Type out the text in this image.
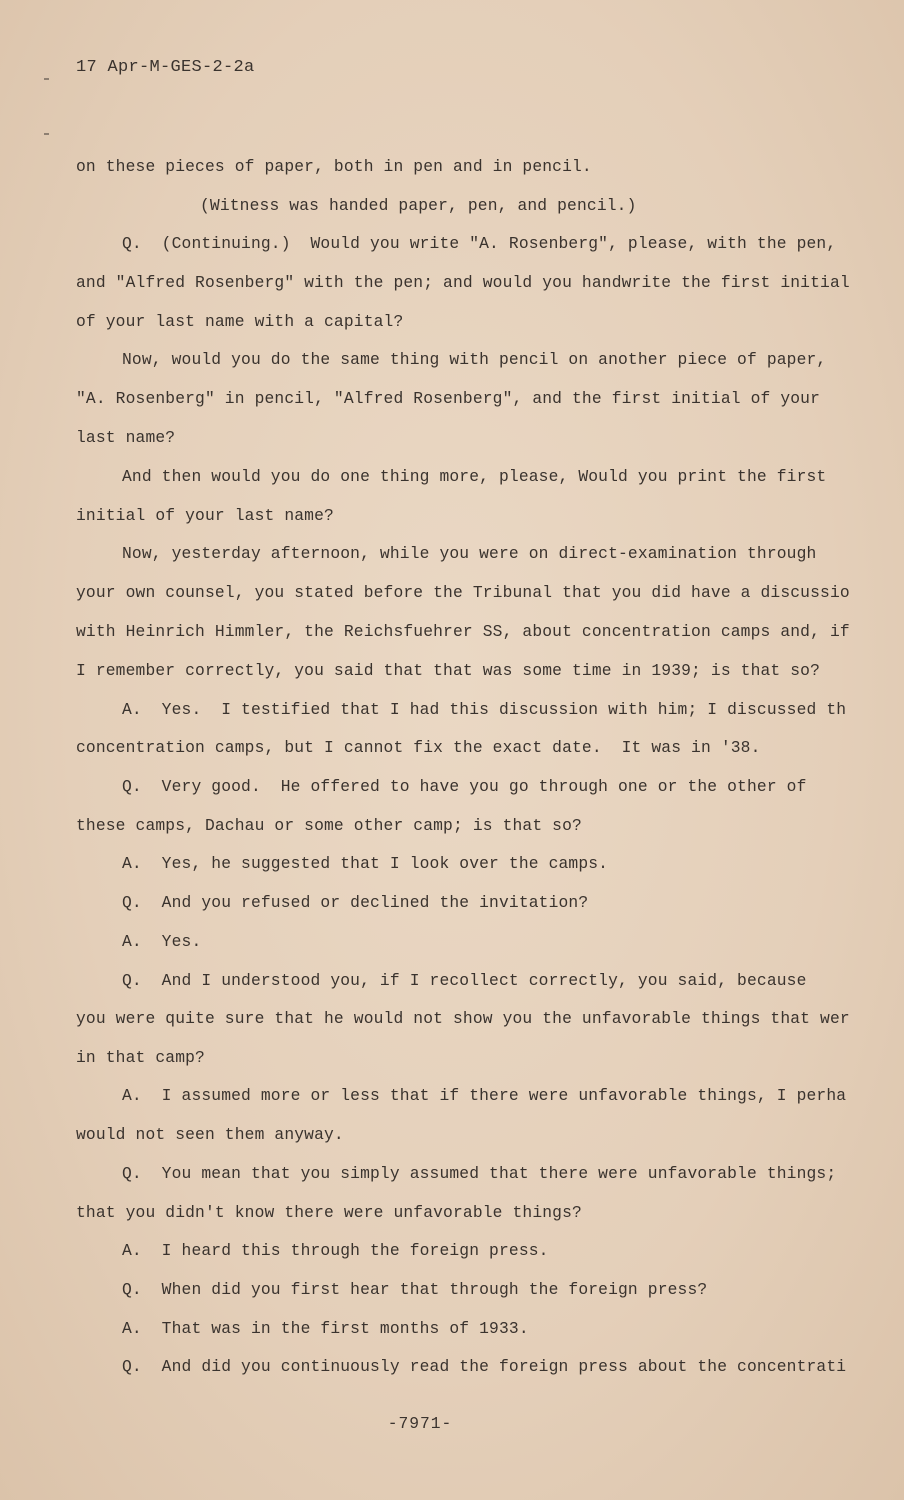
17 Apr-M-GES-2-2a
on these pieces of paper, both in pen and in pencil.
(Witness was handed paper, pen, and pencil.)
Q.  (Continuing.)  Would you write "A. Rosenberg", please, with the pen,
and "Alfred Rosenberg" with the pen; and would you handwrite the first initial
of your last name with a capital?
Now, would you do the same thing with pencil on another piece of paper,
"A. Rosenberg" in pencil, "Alfred Rosenberg", and the first initial of your
last name?
And then would you do one thing more, please, Would you print the first
initial of your last name?
Now, yesterday afternoon, while you were on direct-examination through
your own counsel, you stated before the Tribunal that you did have a discussio
with Heinrich Himmler, the Reichsfuehrer SS, about concentration camps and, if
I remember correctly, you said that that was some time in 1939; is that so?
A.  Yes.  I testified that I had this discussion with him; I discussed th
concentration camps, but I cannot fix the exact date.  It was in '38.
Q.  Very good.  He offered to have you go through one or the other of
these camps, Dachau or some other camp; is that so?
A.  Yes, he suggested that I look over the camps.
Q.  And you refused or declined the invitation?
A.  Yes.
Q.  And I understood you, if I recollect correctly, you said, because
you were quite sure that he would not show you the unfavorable things that wer
in that camp?
A.  I assumed more or less that if there were unfavorable things, I perha
would not seen them anyway.
Q.  You mean that you simply assumed that there were unfavorable things;
that you didn't know there were unfavorable things?
A.  I heard this through the foreign press.
Q.  When did you first hear that through the foreign press?
A.  That was in the first months of 1933.
Q.  And did you continuously read the foreign press about the concentrati
-7971-
